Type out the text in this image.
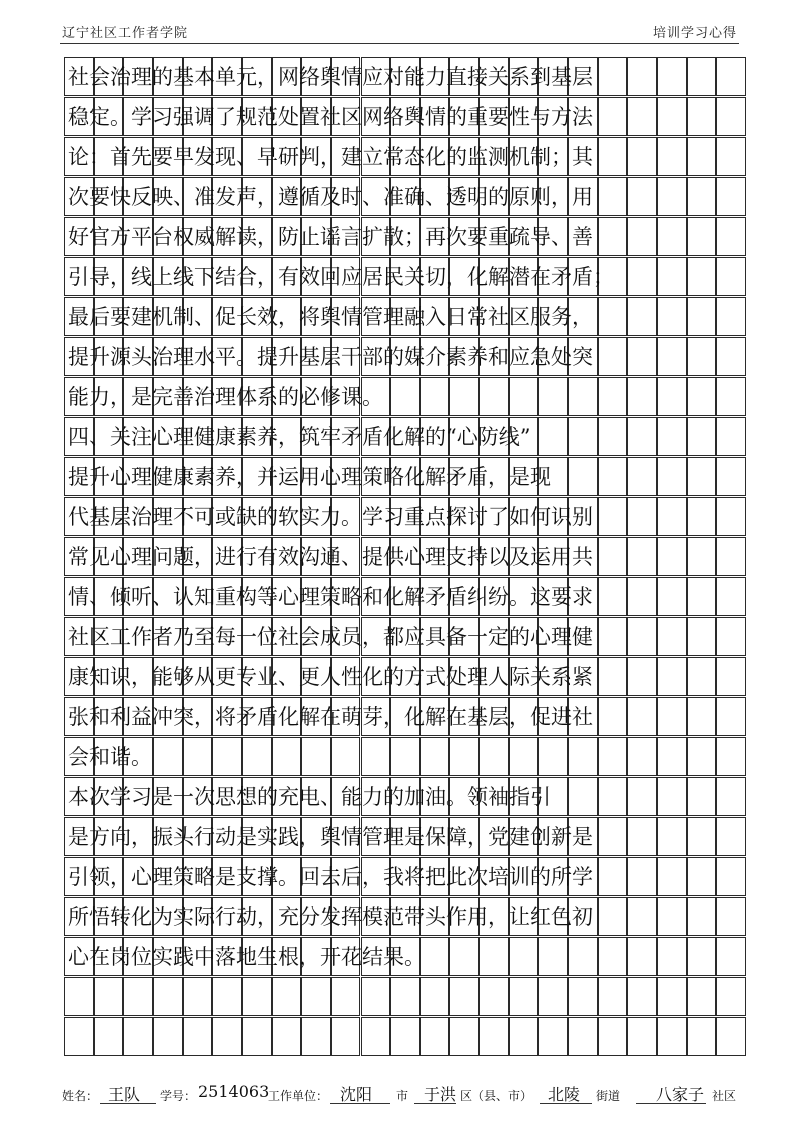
辽宁社区工作者学院	培训学习心得
社会治理的基本单元，网络舆情应对能力直接关系到基层
稳定。学习强调了规范处置社区网络舆情的重要性与方法
论：首先要早发现、早研判，建立常态化的监测机制；其
次要快反映、准发声，遵循及时、准确、透明的原则，用
好官方平台权威解读，防止谣言扩散；再次要重疏导、善
引导，线上线下结合，有效回应居民关切，化解潜在矛盾；
最后要建机制、促长效，将舆情管理融入日常社区服务，
提升源头治理水平。提升基层干部的媒介素养和应急处突
能力，是完善治理体系的必修课。
四、关注心理健康素养，筑牢矛盾化解的“心防线”
提升心理健康素养，并运用心理策略化解矛盾，是现
代基层治理不可或缺的软实力。学习重点探讨了如何识别
常见心理问题，进行有效沟通、提供心理支持以及运用共
情、倾听、认知重构等心理策略和化解矛盾纠纷。这要求
社区工作者乃至每一位社会成员，都应具备一定的心理健
康知识，能够从更专业、更人性化的方式处理人际关系紧
张和利益冲突，将矛盾化解在萌芽，化解在基层，促进社
会和谐。
本次学习是一次思想的充电、能力的加油。领袖指引
是方向，振头行动是实践，舆情管理是保障，党建创新是
引领，心理策略是支撑。回去后，我将把此次培训的所学
所悟转化为实际行动，充分发挥模范带头作用，让红色初
心在岗位实践中落地生根，开花结果。
姓名： 王队 学号： 2514063
工作单位： 沈阳 市 于洪 区（县、市） 北陵 街道 八家子 社区
